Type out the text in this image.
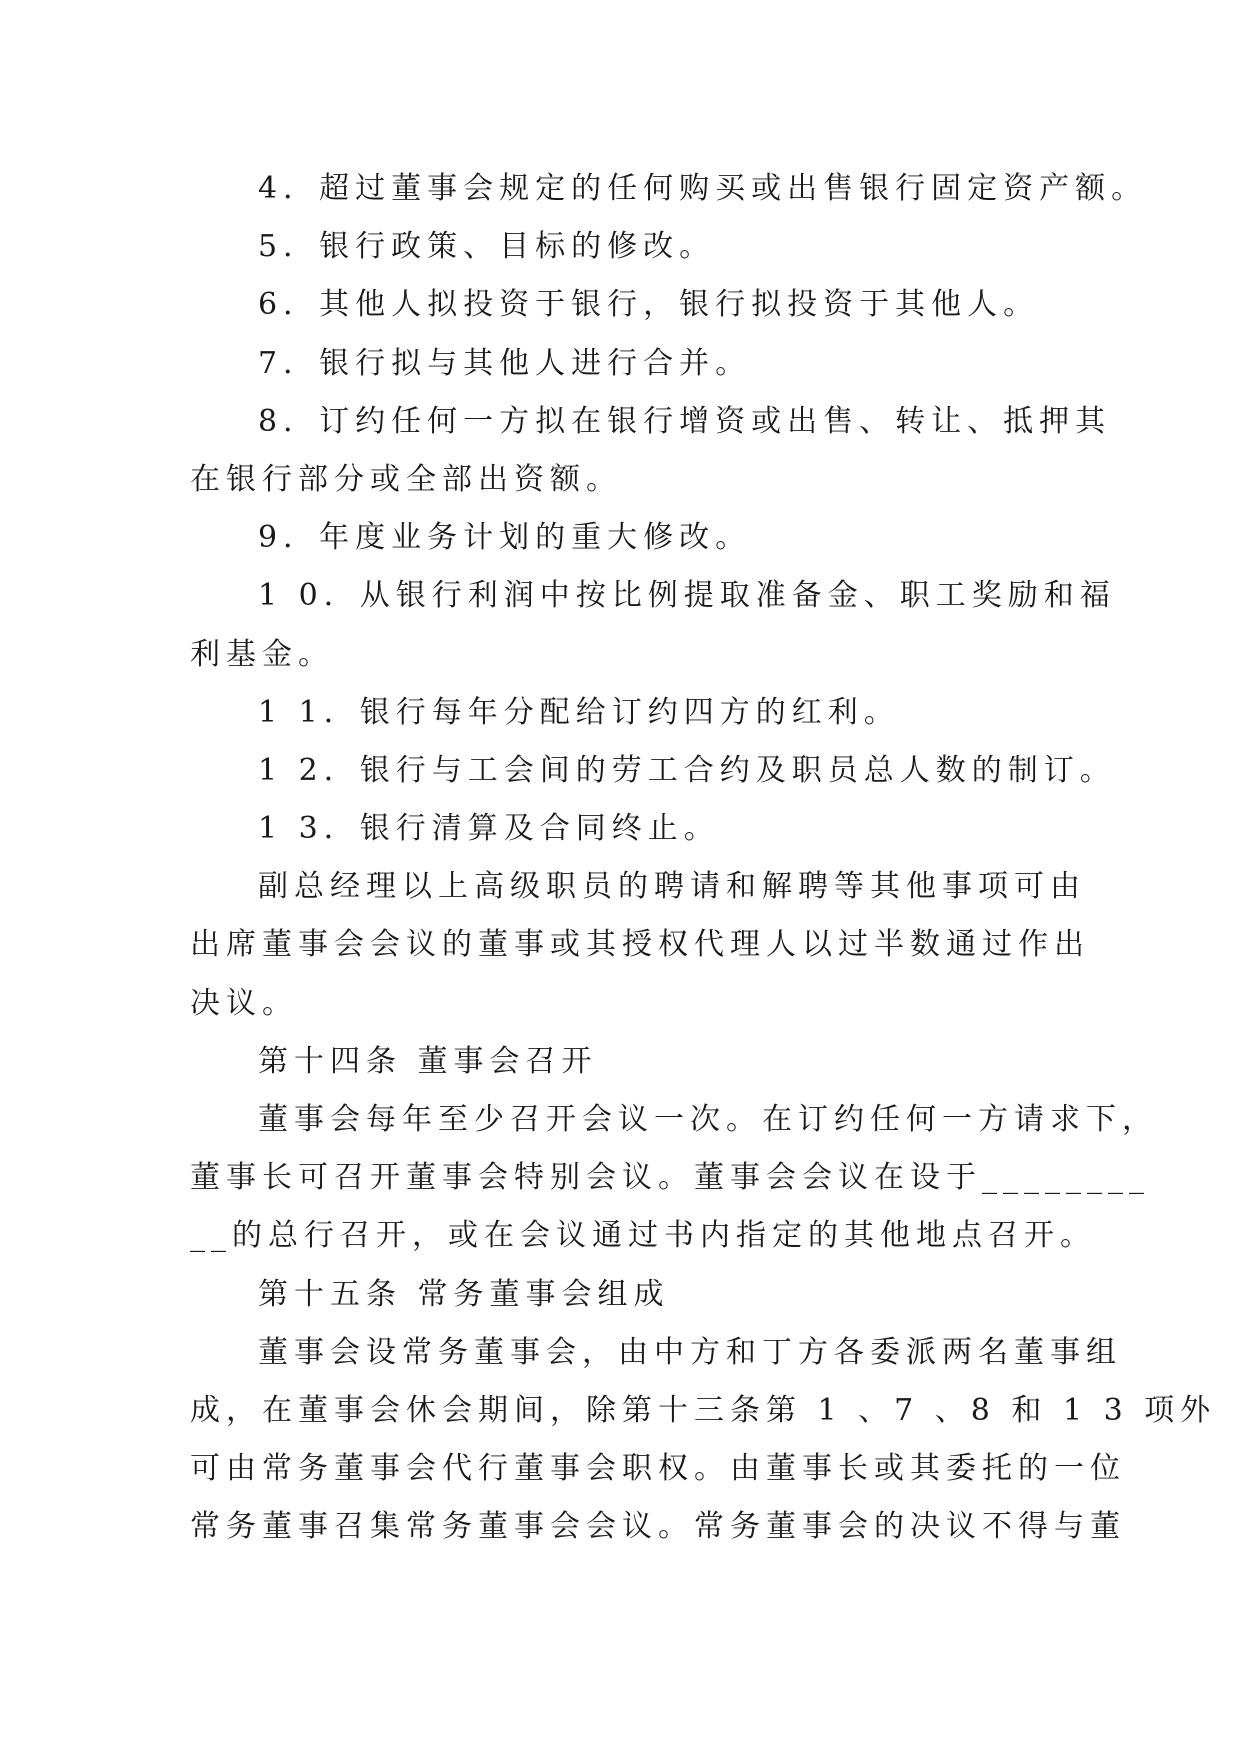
4．超过董事会规定的任何购买或出售银行固定资产额。
5．银行政策、目标的修改。
6．其他人拟投资于银行，银行拟投资于其他人。
7．银行拟与其他人进行合并。
8．订约任何一方拟在银行增资或出售、转让、抵押其
在银行部分或全部出资额。
9．年度业务计划的重大修改。
1 0．从银行利润中按比例提取准备金、职工奖励和福
利基金。
1 1．银行每年分配给订约四方的红利。
1 2．银行与工会间的劳工合约及职员总人数的制订。
1 3．银行清算及合同终止。
副总经理以上高级职员的聘请和解聘等其他事项可由
出席董事会会议的董事或其授权代理人以过半数通过作出
决议。
第十四条 董事会召开
董事会每年至少召开会议一次。在订约任何一方请求下，
董事长可召开董事会特别会议。董事会会议在设于________
__的总行召开，或在会议通过书内指定的其他地点召开。
第十五条 常务董事会组成
董事会设常务董事会，由中方和丁方各委派两名董事组
成，在董事会休会期间，除第十三条第 1 、7 、8 和 1 3 项外
可由常务董事会代行董事会职权。由董事长或其委托的一位
常务董事召集常务董事会会议。常务董事会的决议不得与董
